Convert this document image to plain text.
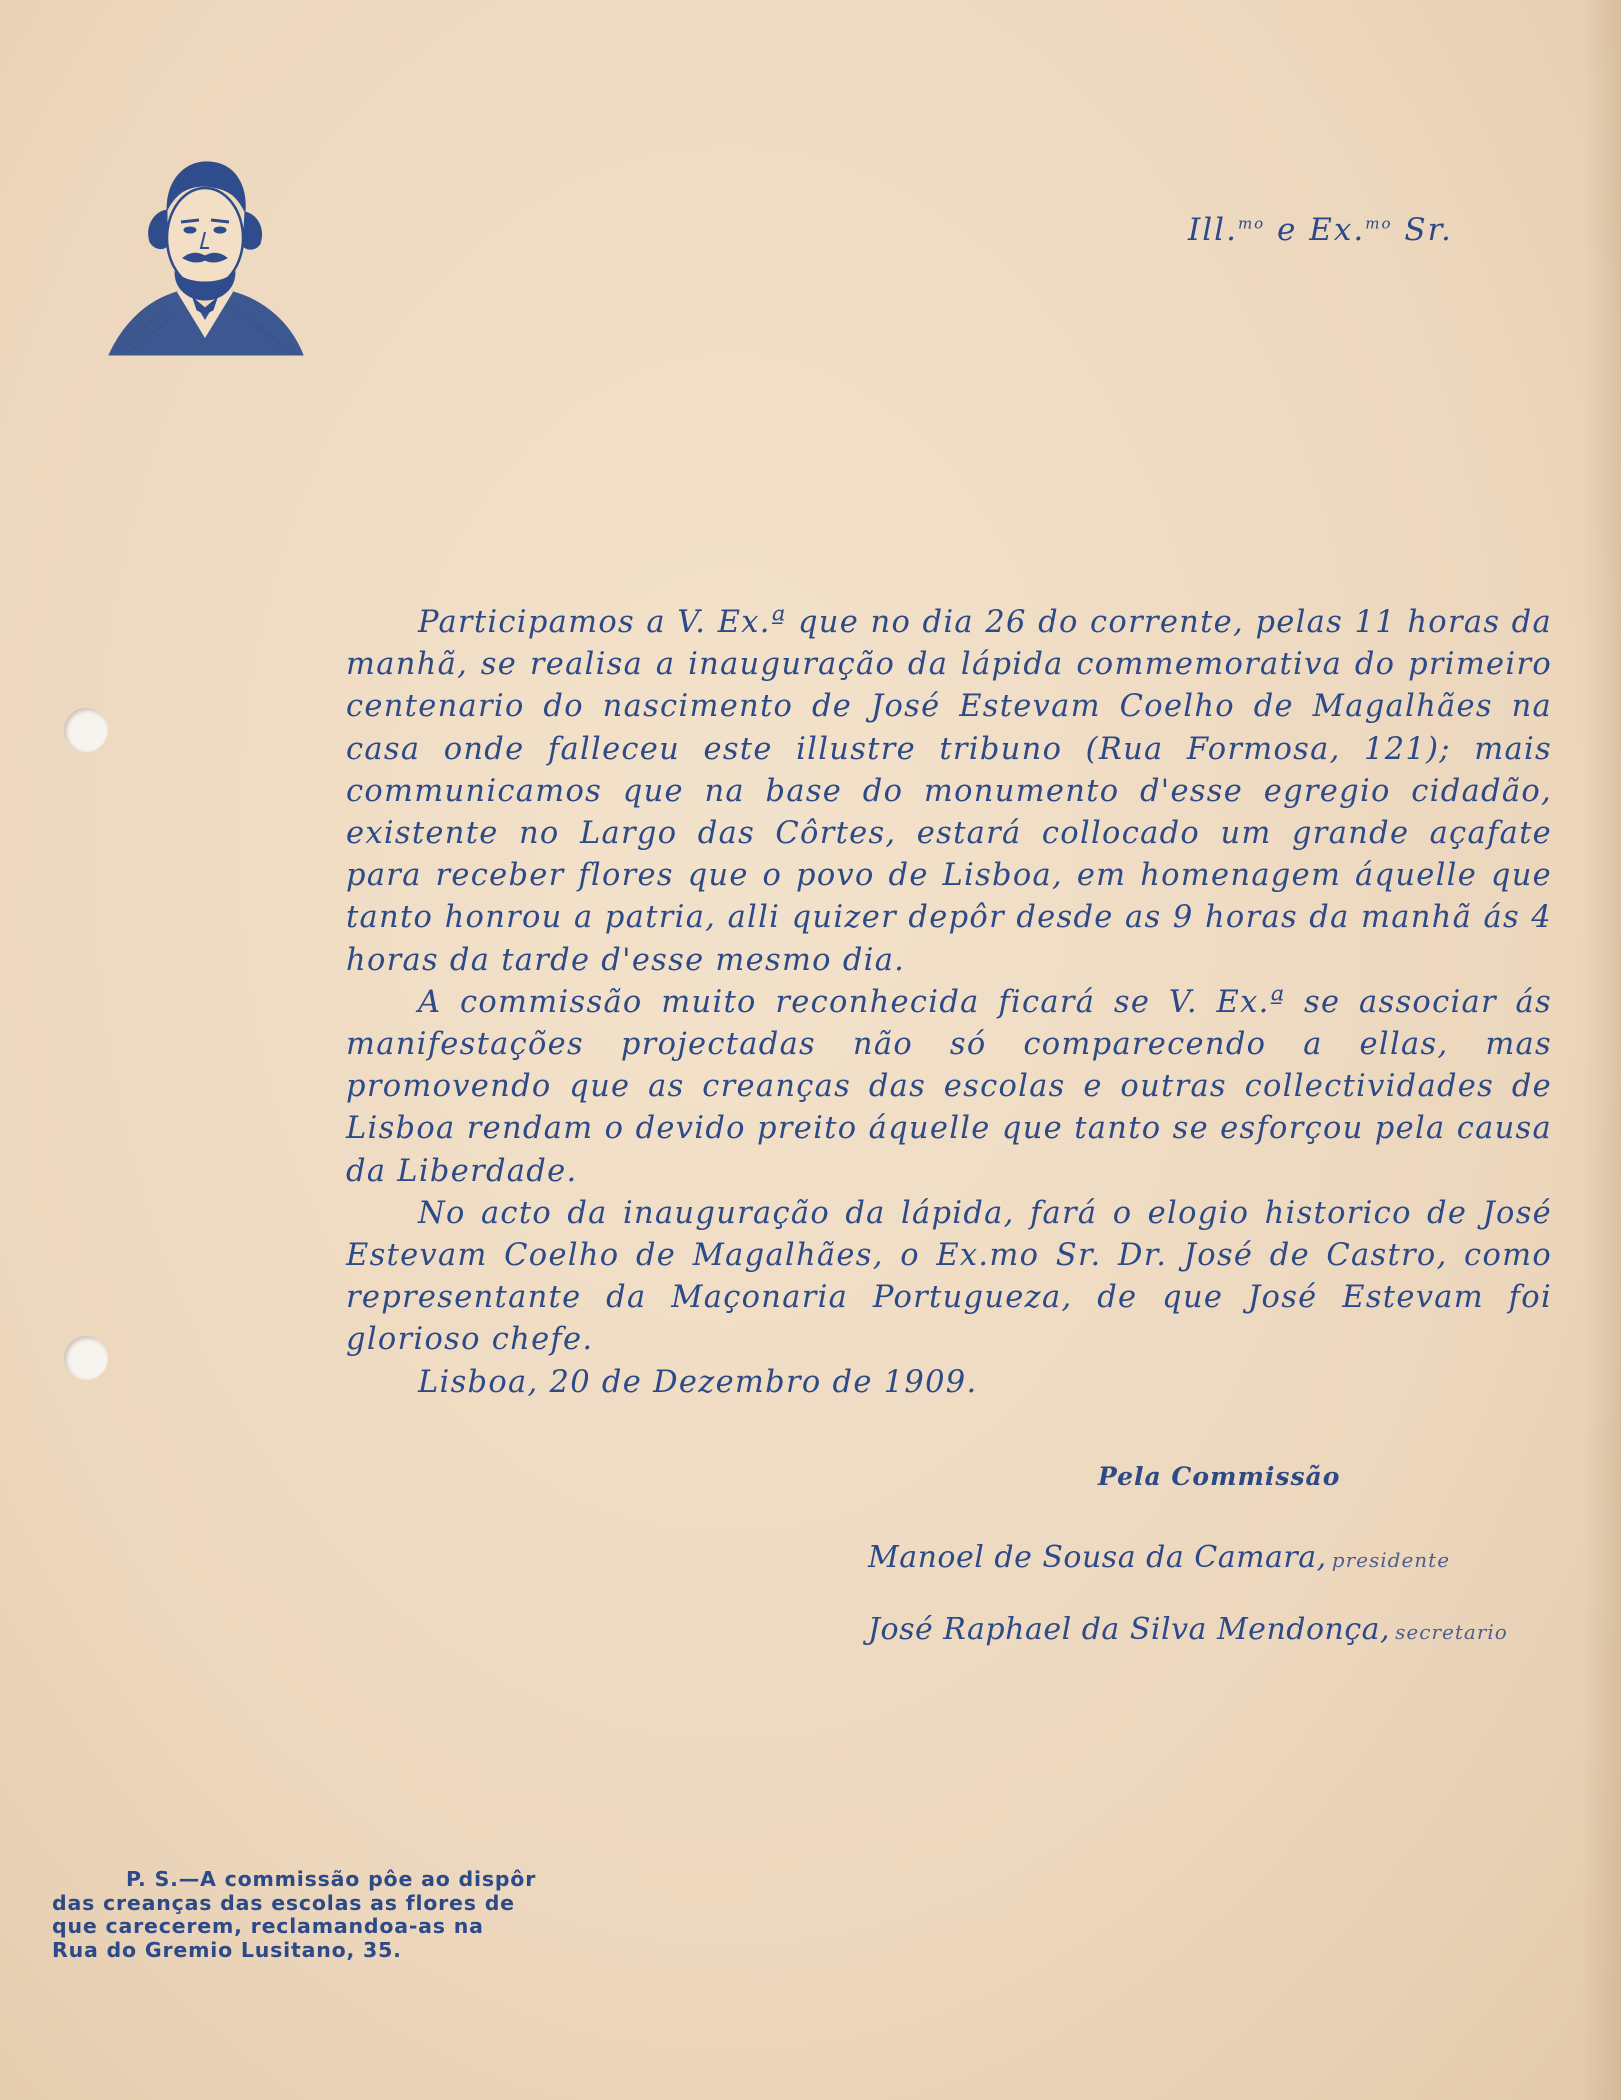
Ill.$^{mo}$ e Ex.$^{mo}$ Sr.

Participamos a V. Ex.ª que no dia 26 do corrente, pelas 11 horas da manhã, se realisa a inauguração da lápida commemorativa do primeiro centenario do nascimento de José Estevam Coelho de Magalhães na casa onde falleceu este illustre tribuno (Rua Formosa, 121); mais communicamos que na base do monumento d'esse egregio cidadão, existente no Largo das Côrtes, estará collocado um grande açafate para receber flores que o povo de Lisboa, em homenagem áquelle que tanto honrou a patria, alli quizer depôr desde as 9 horas da manhã ás 4 horas da tarde d'esse mesmo dia.

A commissão muito reconhecida ficará se V. Ex.ª se associar ás manifestações projectadas não só comparecendo a ellas, mas promovendo que as creanças das escolas e outras collectividades de Lisboa rendam o devido preito áquelle que tanto se esforçou pela causa da Liberdade.

No acto da inauguração da lápida, fará o elogio historico de José Estevam Coelho de Magalhães, o Ex.mo Sr. Dr. José de Castro, como representante da Maçonaria Portugueza, de que José Estevam foi glorioso chefe.

Lisboa, 20 de Dezembro de 1909.

Pela Commissão
Manoel de Sousa da Camara, presidente
José Raphael da Silva Mendonça, secretario

P. S.—A commissão pôe ao dispôr
das creanças das escolas as flores de
que carecerem, reclamandoa-as na
Rua do Gremio Lusitano, 35.
